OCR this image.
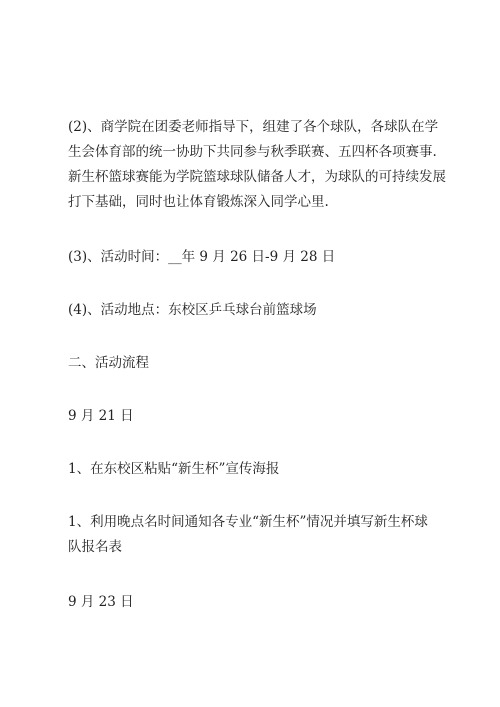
(2)、商学院在团委老师指导下，组建了各个球队，各球队在学
生会体育部的统一协助下共同参与秋季联赛、五四杯各项赛事.
新生杯篮球赛能为学院篮球球队储备人才，为球队的可持续发展
打下基础，同时也让体育锻炼深入同学心里.

(3)、活动时间：__年 9 月 26 日-9 月 28 日

(4)、活动地点：东校区乒乓球台前篮球场

二、活动流程

9 月 21 日

1、在东校区粘贴“新生杯”宣传海报

1、利用晚点名时间通知各专业“新生杯”情况并填写新生杯球
队报名表

9 月 23 日
